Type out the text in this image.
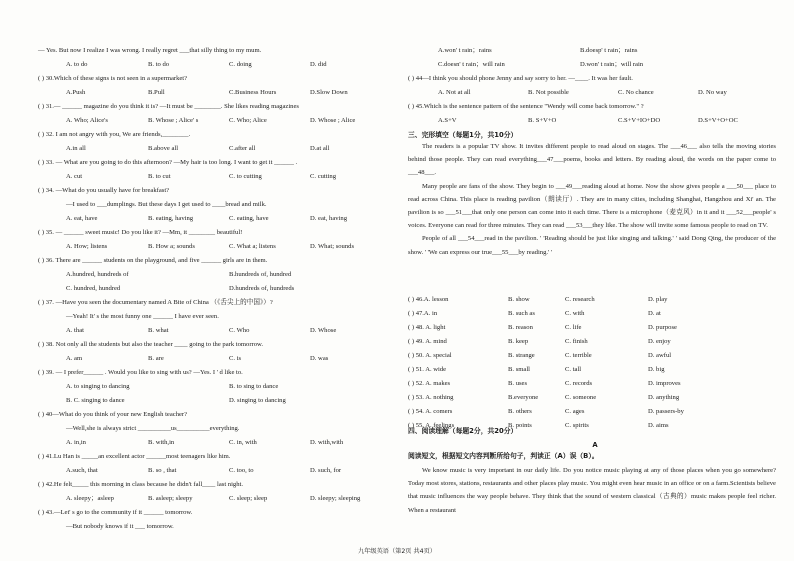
— Yes. But now I realize I was wrong. I really regret ___that silly thing to my mum.
A. to do	B. to do	C. doing	D. did
( ) 30.Which of these signs is not seen in a supermarket?
A.Push	B.Pull	C.Business Hours	D.Slow Down
( ) 31.— ______ magazine do you think it is? —It must be ________. She likes reading magazines
A. Who; Alice's	B. Whose ; Alice' s	C. Who; Alice	D. Whose ; Alice
( ) 32. I am not angry with you, We are friends,________.
A.in all	B.above all	C.after all	D.at all
( ) 33. — What are you going to do this afternoon? —My hair is too long. I want to get it ______ .
A. cut	B. to cut	C. to cutting	C. cutting
( ) 34. —What do you usually have for breakfast?
—I used to ___dumplings. But these days I get used to ____bread and milk.
A. eat, have	B. eating, having	C. eating, have	D. eat, having
( ) 35. — ______ sweet music! Do you like it? —Mm, it ________ beautiful!
A. How; listens	B. How a; sounds	C. What a; listens	D. What; sounds
( ) 36. There are ______ students on the playground, and five ______ girls are in them.
A.hundred, hundreds of	B.hundreds of, hundred
C. hundred, hundred	D.hundreds of, hundreds
( ) 37. —Have you seen the documentary named A Bite of China （《舌尖上的中国》）?
—Yeah! It' s the most funny one ______ I have ever seen.
A. that	B. what	C. Who	D. Whose
( ) 38. Not only all the students but also the teacher ____ going to the park tomorrow.
A. am	B. are	C. is	D. was
( ) 39. — I prefer______ . Would you like to sing with us? —Yes. I ' d like to.
A. to singing to dancing	B. to sing to dance
B. C. singing to dance	D. singing to dancing
( ) 40—What do you think of your new English teacher?
—Well,she is always strict __________us__________everything.
A. in,in	B. with,in	C. in, with	D. with,with
( ) 41.Lu Han is _____an excellent actor ______most teenagers like him.
A.such, that	B. so , that	C. too, to	D. such, for
( ) 42.He felt_____ this morning in class because he didn't fall____ last night.
A. sleepy；asleep	B. asleep; sleepy	C. sleep; sleep	D. sleepy; sleeping
( ) 43.—Let' s go to the community if it ______ tomorrow.
—But nobody knows if it ___ tomorrow.
三、完形填空（每题1分，共10分）

The readers is a popular TV show. It invites different people to read aloud on stages. The ___46___ also tells the moving stories behind those people. They can read everything___47___poems, books and letters. By reading aloud, the words on the paper come to ___48___.

Many people are fans of the show. They begin to ___49___reading aloud at home. Now the show gives people a ___50___ place to read across China. This place is reading pavilion（朗读厅）. They are in many cities, including Shanghai, Hangzhou and Xi' an. The pavilion is so ___51___that only one person can come into it each time. There is a microphone（麦克风）in it and it ___52___people' s voices. Everyone can read for three minutes. They can read ___53___they like. The show will invite some famous people to read on TV.

People of all ___54___read in the pavilion. ' 'Reading should be just like singing and talking.' ' said Dong Qing, the producer of the show. ' 'We can express our true___55___by reading.' '

四、阅读理解（每题2分，共20分）
A
阅读短文，根据短文内容判断所给句子，判读正（A）误（B）。

We know music is very important in our daily life. Do you notice music playing at any of those places when you go somewhere? Today most stores, stations, restaurants and other places play music. You might even hear music in an office or on a farm.Scientists believe that music influences the way people behave. They think that the sound of western classical（古典的）music makes people feel richer. When a restaurant

A.won' t rain；rains	B.doesp' t rain；rains
C.doesn' t rain；will rain	D.won' t rain；will rain
( ) 44—I think you should phone Jenny and say sorry to her. —____. It was her fault.
A. Not at all	B. Not possible	C. No chance	D. No way
( ) 45.Which is the sentence pattern of the sentence "Wendy will come back tomorrow." ?
A.S+V	B. S+V+O	C.S+V+IO+DO	D.S+V+O+OC
( ) 46.A. lesson	B. show	C. research	D. play
( ) 47.A. in	B. such as	C. with	D. at
( ) 48. A. light	B. reason	C. life	D. purpose
( ) 49. A. mind	B. keep	C. finish	D. enjoy
( ) 50. A. special	B. strange	C. terrible	D. awful
( ) 51. A. wide	B. small	C. tall	D. big
( ) 52. A. makes	B. uses	C. records	D. improves
( ) 53. A. nothing	B.everyone	C. someone	D. anything
( ) 54. A. comers	B. others	C. ages	D. passers-by
( ) 55. A. feelings	B. points	C. spirits	D. aims
九年级英语（第2页 共4页）
